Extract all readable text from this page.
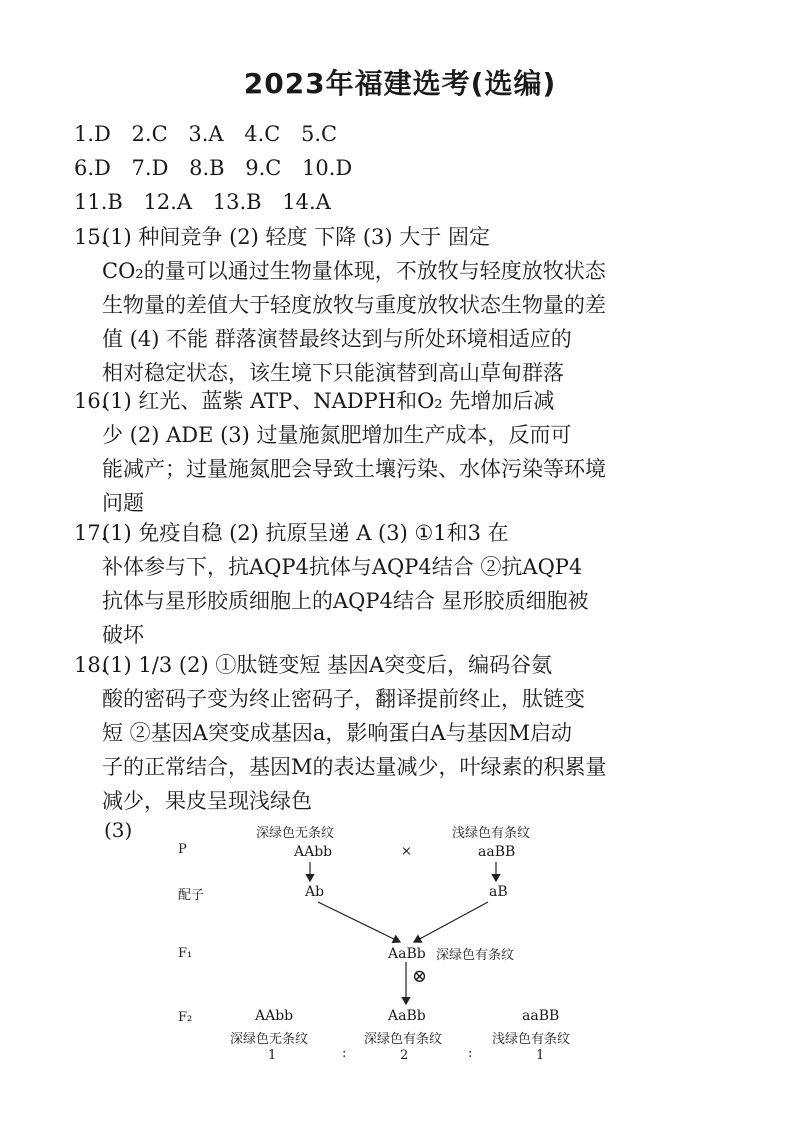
2023年福建选考(选编)
1.D 2.C 3.A 4.C 5.C
6.D 7.D 8.B 9.C 10.D
11.B 12.A 13.B 14.A
15.
(1) 种间竞争 (2) 轻度 下降 (3) 大于 固定
CO₂的量可以通过生物量体现，不放牧与轻度放牧状态
生物量的差值大于轻度放牧与重度放牧状态生物量的差
值 (4) 不能 群落演替最终达到与所处环境相适应的
相对稳定状态，该生境下只能演替到高山草甸群落
16.
(1) 红光、蓝紫 ATP、NADPH和O₂ 先增加后减
少 (2) ADE (3) 过量施氮肥增加生产成本，反而可
能减产；过量施氮肥会导致土壤污染、水体污染等环境
问题
17.
(1) 免疫自稳 (2) 抗原呈递 A (3) ①1和3 在
补体参与下，抗AQP4抗体与AQP4结合 ②抗AQP4
抗体与星形胶质细胞上的AQP4结合 星形胶质细胞被
破坏
18.
(1) 1/3 (2) ①肽链变短 基因A突变后，编码谷氨
酸的密码子变为终止密码子，翻译提前终止，肽链变
短 ②基因A突变成基因a，影响蛋白A与基因M启动
子的正常结合，基因M的表达量减少，叶绿素的积累量
减少，果皮呈现浅绿色
(3)	深绿色无条纹	浅绿色有条纹
P	AAbb	×	aaBB
配子	Ab	aB
F₁	AaBb 深绿色有条纹
⊗
F₂	AAbb
深绿色无条纹
1
AaBb
深绿色有条纹
2
aaBB
浅绿色有条纹
1
:	:
